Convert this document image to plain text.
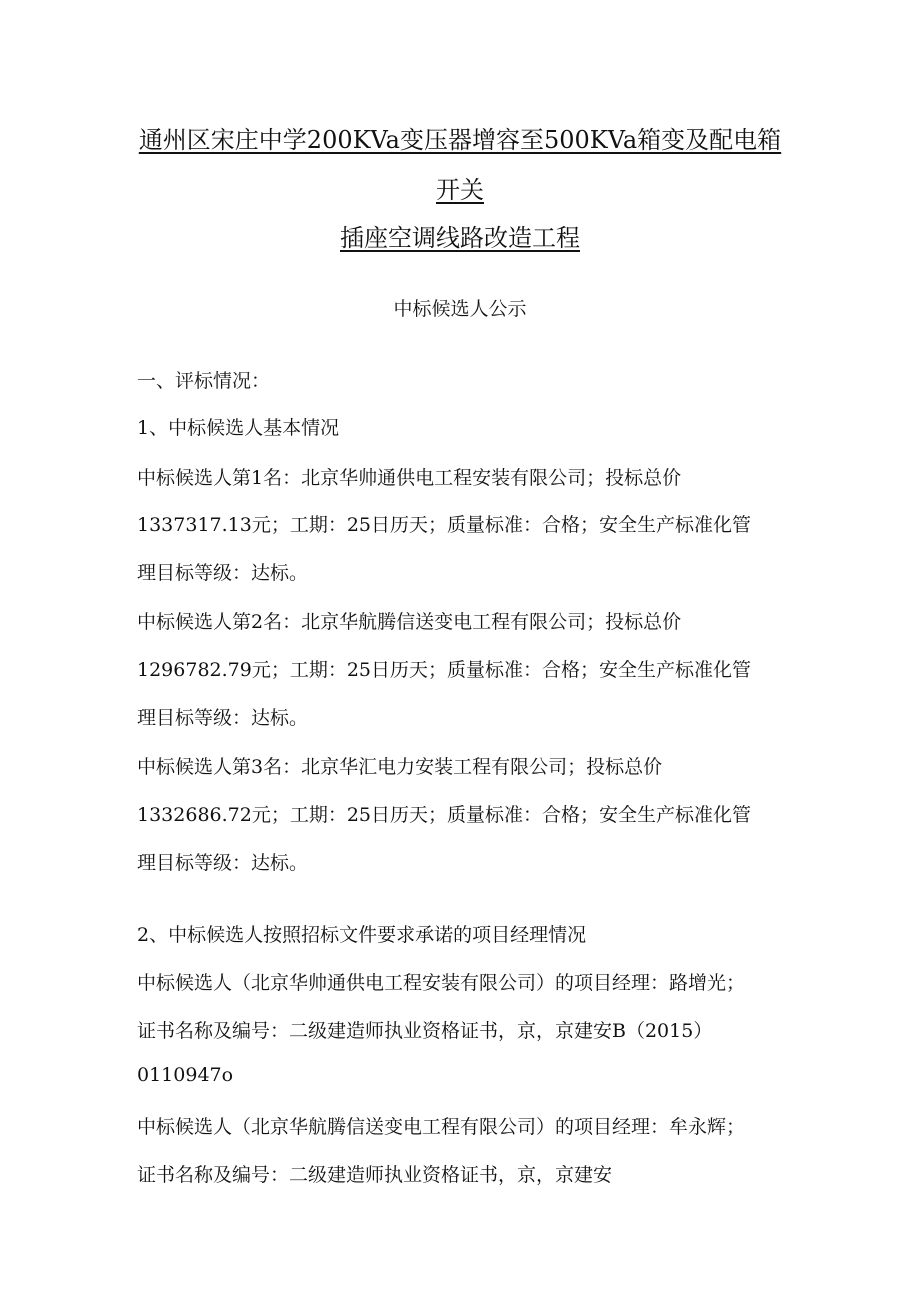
通州区宋庄中学200KVa变压器增容至500KVa箱变及配电箱
开关
插座空调线路改造工程
中标候选人公示
一、评标情况：
1、中标候选人基本情况
中标候选人第1名：北京华帅通供电工程安装有限公司；投标总价
1337317.13元；工期：25日历天；质量标准：合格；安全生产标准化管
理目标等级：达标。
中标候选人第2名：北京华航腾信送变电工程有限公司；投标总价
1296782.79元；工期：25日历天；质量标准：合格；安全生产标准化管
理目标等级：达标。
中标候选人第3名：北京华汇电力安装工程有限公司；投标总价
1332686.72元；工期：25日历天；质量标准：合格；安全生产标准化管
理目标等级：达标。
2、中标候选人按照招标文件要求承诺的项目经理情况
中标候选人（北京华帅通供电工程安装有限公司）的项目经理：路增光；
证书名称及编号：二级建造师执业资格证书，京，京建安B（2015）
0110947o
中标候选人（北京华航腾信送变电工程有限公司）的项目经理：牟永辉；
证书名称及编号：二级建造师执业资格证书，京，京建安
